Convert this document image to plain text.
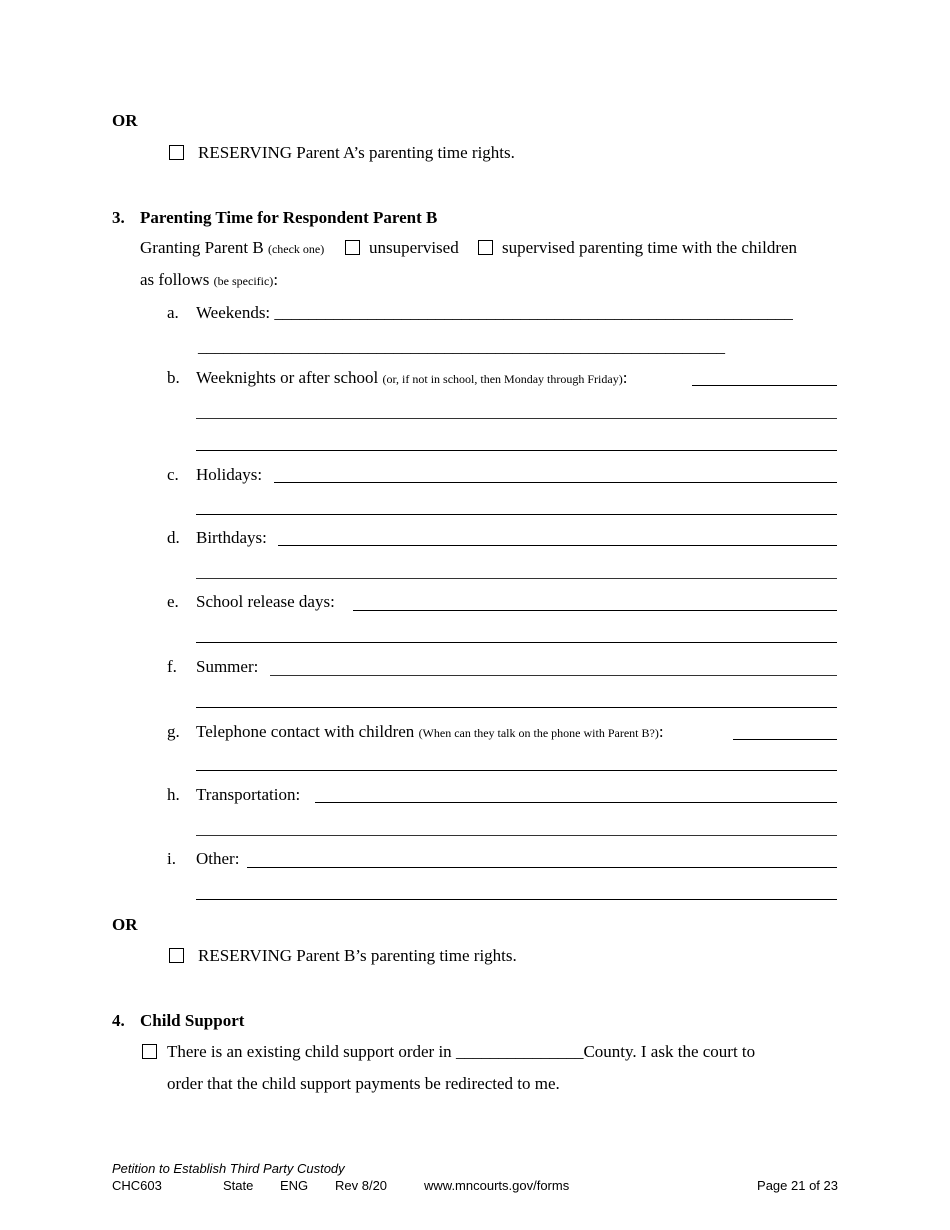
OR
RESERVING Parent A’s parenting time rights.
3. Parenting Time for Respondent Parent B
Granting Parent B (check one)	unsupervised	supervised parenting time with the children
as follows (be specific):
a. Weekends: _____________________________________________________________
______________________________________________________________
b. Weeknights or after school (or, if not in school, then Monday through Friday):
c. Holidays:
d. Birthdays:
e. School release days:
f. Summer:
g. Telephone contact with children (When can they talk on the phone with Parent B?):
h. Transportation:
i. Other:
OR
RESERVING Parent B’s parenting time rights.
4. Child Support
There is an existing child support order in _______________County. I ask the court to
order that the child support payments be redirected to me.
Petition to Establish Third Party Custody
CHC603	State ENG Rev 8/20	www.mncourts.gov/forms	Page 21 of 23
